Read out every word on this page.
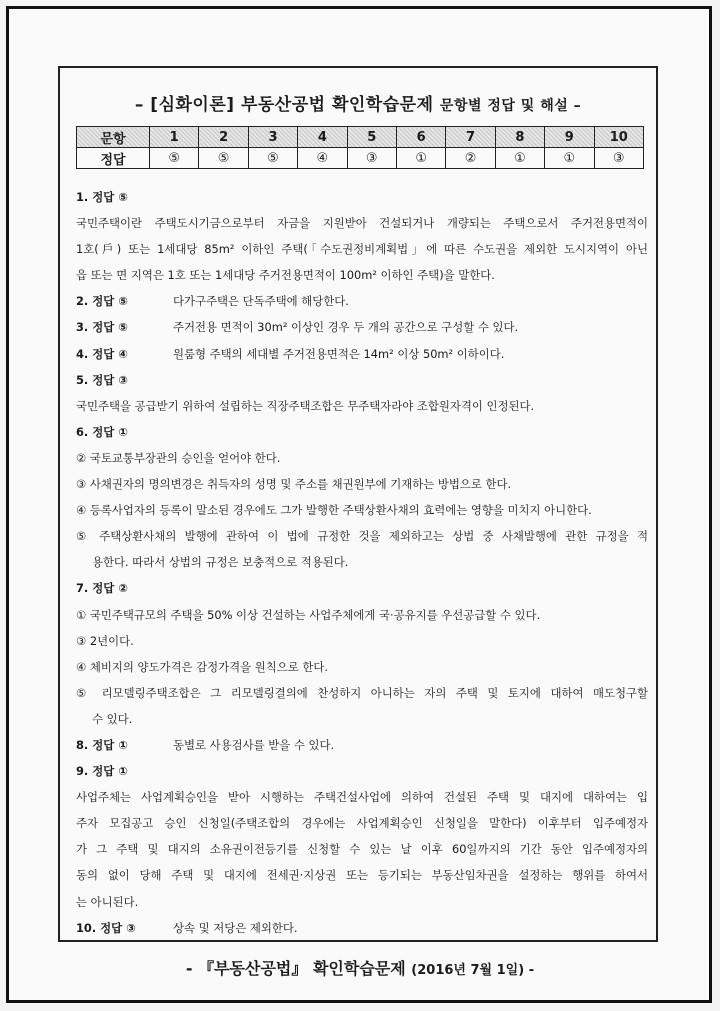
– [심화이론] 부동산공법 확인학습문제 문항별 정답 및 해설 –
문항	1	2	3	4	5	6	7	8	9	10
정답	⑤	⑤	⑤	④	③	①	②	①	①	③
1. 정답 ⑤
국민주택이란 주택도시기금으로부터 자금을 지원받아 건설되거나 개량되는 주택으로서 주거전용면적이
1호(戶) 또는 1세대당 85m² 이하인 주택(「수도권정비계획법」에 따른 수도권을 제외한 도시지역이 아닌
읍 또는 면 지역은 1호 또는 1세대당 주거전용면적이 100m² 이하인 주택)을 말한다.
2. 정답 ⑤	다가구주택은 단독주택에 해당한다.
3. 정답 ⑤	주거전용 면적이 30m² 이상인 경우 두 개의 공간으로 구성할 수 있다.
4. 정답 ④	원룸형 주택의 세대별 주거전용면적은 14m² 이상 50m² 이하이다.
5. 정답 ③
국민주택을 공급받기 위하여 설립하는 직장주택조합은 무주택자라야 조합원자격이 인정된다.
6. 정답 ①
② 국토교통부장관의 승인을 얻어야 한다.
③ 사채권자의 명의변경은 취득자의 성명 및 주소를 채권원부에 기재하는 방법으로 한다.
④ 등록사업자의 등록이 말소된 경우에도 그가 발행한 주택상환사채의 효력에는 영향을 미치지 아니한다.
⑤ 주택상환사채의 발행에 관하여 이 법에 규정한 것을 제외하고는 상법 중 사채발행에 관한 규정을 적
용한다. 따라서 상법의 규정은 보충적으로 적용된다.
7. 정답 ②
① 국민주택규모의 주택을 50% 이상 건설하는 사업주체에게 국·공유지를 우선공급할 수 있다.
③ 2년이다.
④ 체비지의 양도가격은 감정가격을 원칙으로 한다.
⑤ 리모델링주택조합은 그 리모델링결의에 찬성하지 아니하는 자의 주택 및 토지에 대하여 매도청구할
수 있다.
8. 정답 ①	동별로 사용검사를 받을 수 있다.
9. 정답 ①
사업주체는 사업계획승인을 받아 시행하는 주택건설사업에 의하여 건설된 주택 및 대지에 대하여는 입
주자 모집공고 승인 신청일(주택조합의 경우에는 사업계획승인 신청일을 말한다) 이후부터 입주예정자
가 그 주택 및 대지의 소유권이전등기를 신청할 수 있는 날 이후 60일까지의 기간 동안 입주예정자의
동의 없이 당해 주택 및 대지에 전세권·지상권 또는 등기되는 부동산임차권을 설정하는 행위를 하여서
는 아니된다.
10. 정답 ③	상속 및 저당은 제외한다.
- 『부동산공법』 확인학습문제 (2016년 7월 1일) -
